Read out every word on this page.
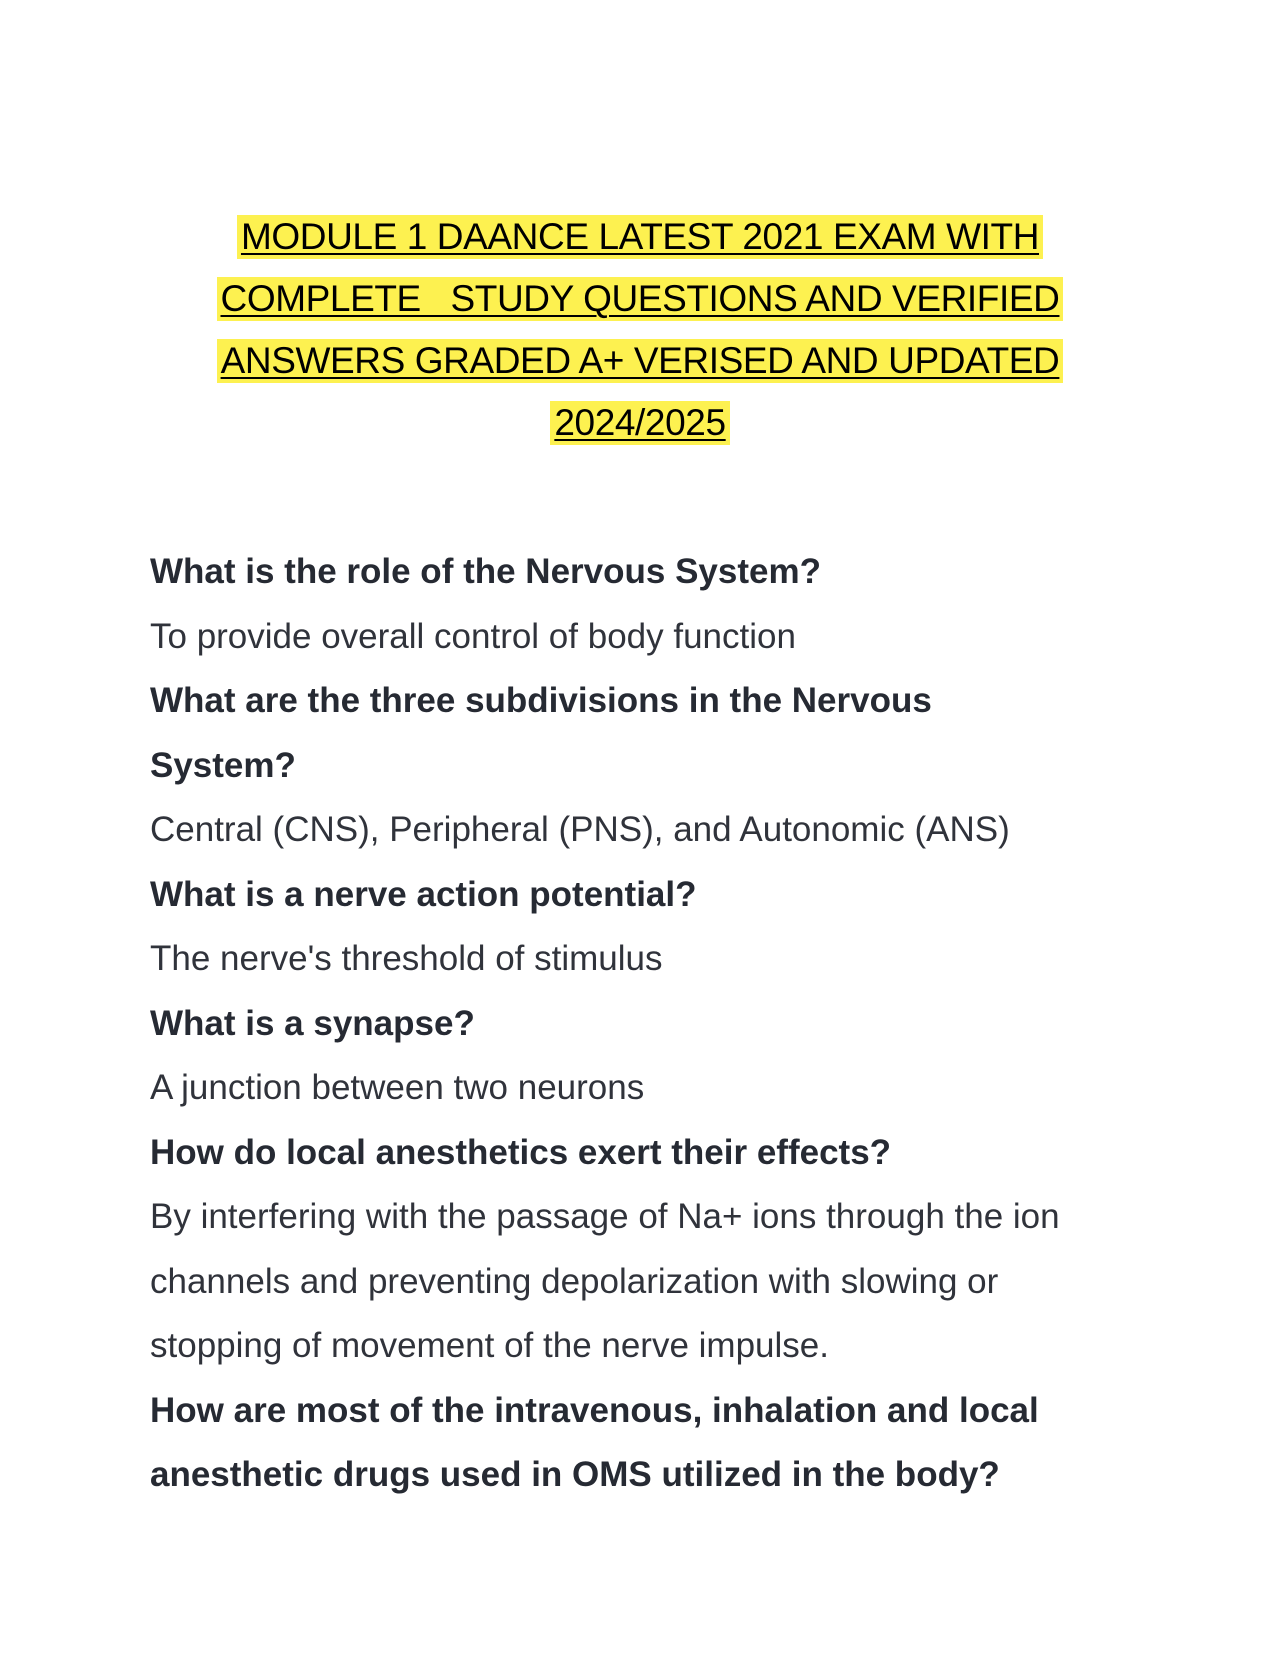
MODULE 1 DAANCE LATEST 2021 EXAM WITH
COMPLETE   STUDY QUESTIONS AND VERIFIED
ANSWERS GRADED A+ VERISED AND UPDATED
2024/2025
What is the role of the Nervous System?
To provide overall control of body function
What are the three subdivisions in the Nervous
System?
Central (CNS), Peripheral (PNS), and Autonomic (ANS)
What is a nerve action potential?
The nerve's threshold of stimulus
What is a synapse?
A junction between two neurons
How do local anesthetics exert their effects?
By interfering with the passage of Na+ ions through the ion
channels and preventing depolarization with slowing or
stopping of movement of the nerve impulse.
How are most of the intravenous, inhalation and local
anesthetic drugs used in OMS utilized in the body?
